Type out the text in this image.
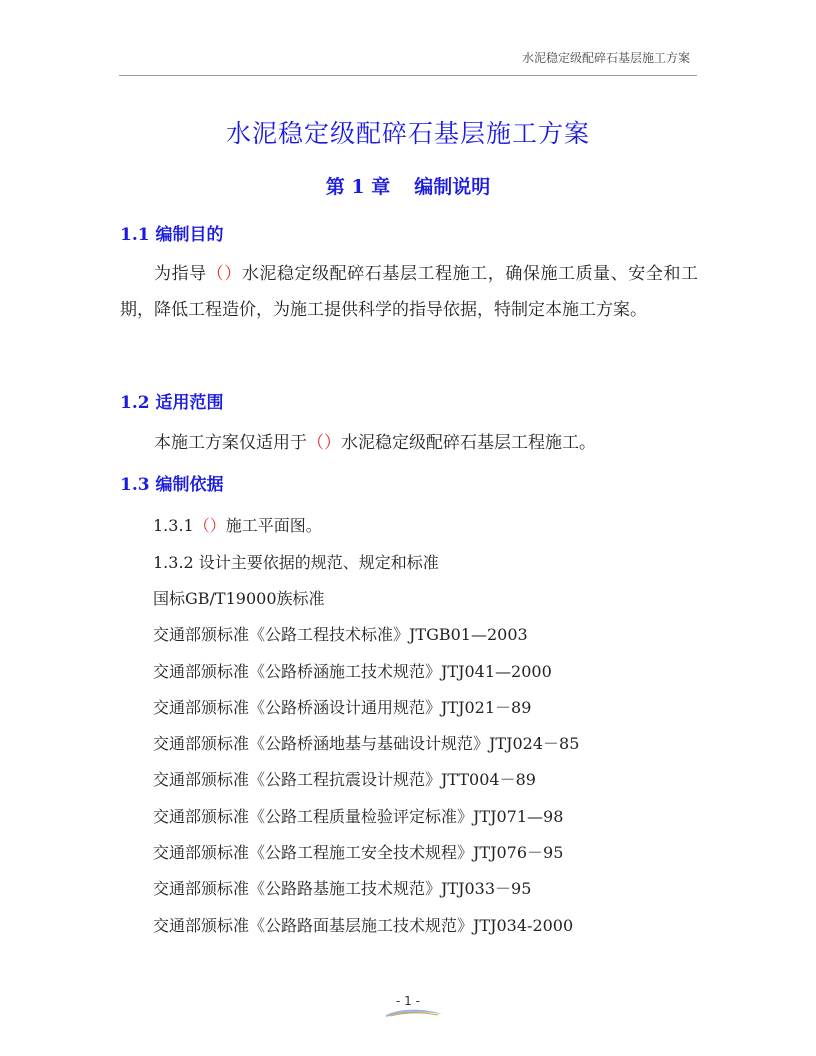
水泥稳定级配碎石基层施工方案
水泥稳定级配碎石基层施工方案
第 1 章 编制说明
1.1 编制目的

为指导（）水泥稳定级配碎石基层工程施工，确保施工质量、安全和工期，降低工程造价，为施工提供科学的指导依据，特制定本施工方案。

1.2 适用范围

本施工方案仅适用于（）水泥稳定级配碎石基层工程施工。

1.3 编制依据
1.3.1（）施工平面图。
1.3.2 设计主要依据的规范、规定和标准
国标GB/T19000族标准
交通部颁标准《公路工程技术标准》JTGB01—2003
交通部颁标准《公路桥涵施工技术规范》JTJ041—2000
交通部颁标准《公路桥涵设计通用规范》JTJ021－89
交通部颁标准《公路桥涵地基与基础设计规范》JTJ024－85
交通部颁标准《公路工程抗震设计规范》JTT004－89
交通部颁标准《公路工程质量检验评定标准》JTJ071—98
交通部颁标准《公路工程施工安全技术规程》JTJ076－95
交通部颁标准《公路路基施工技术规范》JTJ033－95
交通部颁标准《公路路面基层施工技术规范》JTJ034-2000
- 1 -
